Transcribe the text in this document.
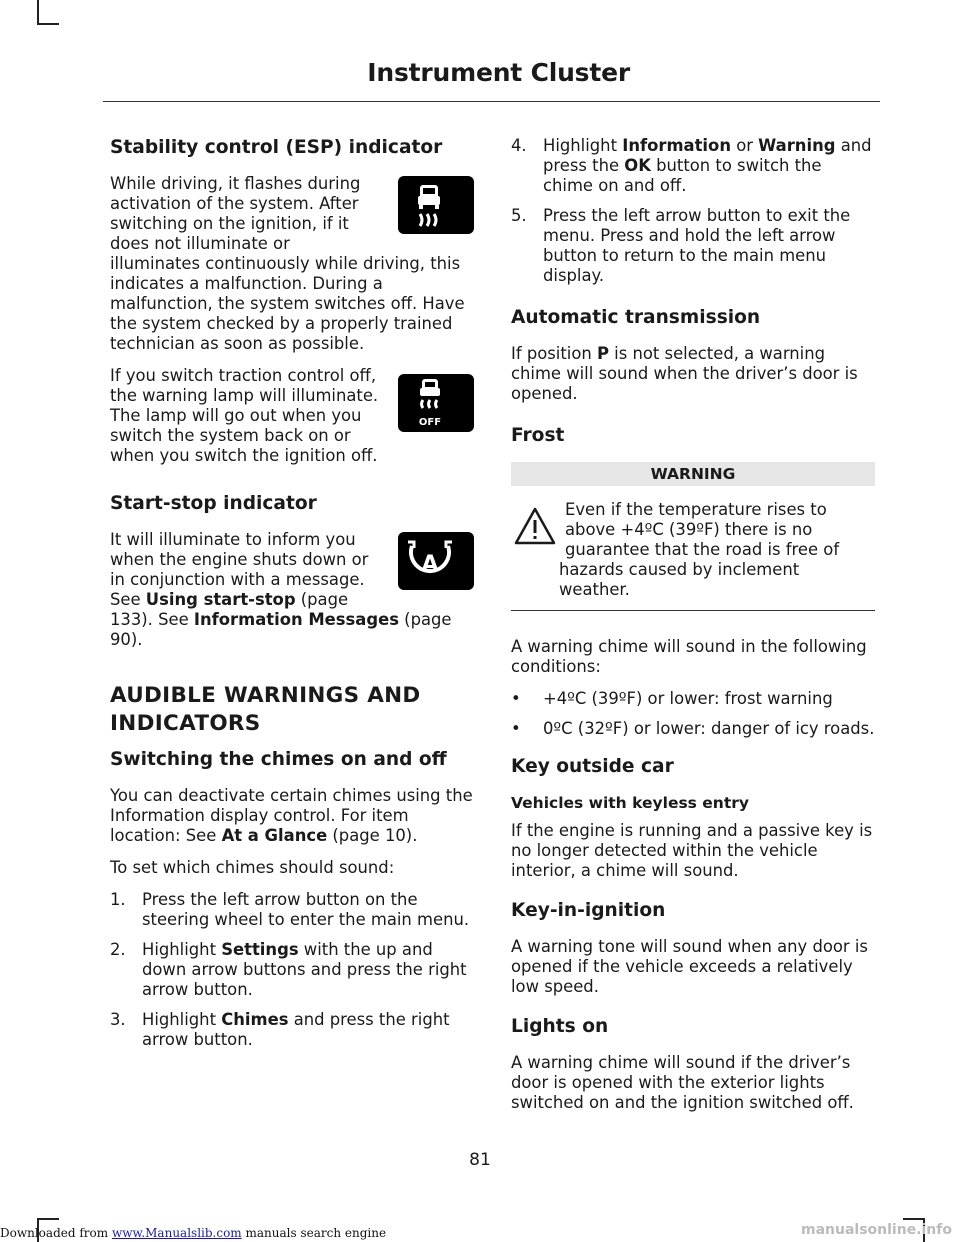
Instrument Cluster
Stability control (ESP) indicator

While driving, it flashes during activation of the system. After switching on the ignition, if it does not illuminate or illuminates continuously while driving, this indicates a malfunction. During a malfunction, the system switches off. Have the system checked by a properly trained technician as soon as possible.

OFF

If you switch traction control off, the warning lamp will illuminate. The lamp will go out when you switch the system back on or when you switch the ignition off.

Start-stop indicator
A

It will illuminate to inform you when the engine shuts down or in conjunction with a message. See Using start-stop (page 133). See Information Messages (page 90).

AUDIBLE WARNINGS AND
INDICATORS
Switching the chimes on and off

You can deactivate certain chimes using the Information display control. For item location: See At a Glance (page 10).

To set which chimes should sound:

1. Press the left arrow button on the steering wheel to enter the main menu.
2. Highlight Settings with the up and down arrow buttons and press the right arrow button.
3. Highlight Chimes and press the right arrow button.
4. Highlight Information or Warning and press the OK button to switch the chime on and off.
5. Press the left arrow button to exit the menu. Press and hold the left arrow button to return to the main menu display.
Automatic transmission

If position P is not selected, a warning chime will sound when the driver’s door is opened.

Frost
WARNING
Even if the temperature rises to above +4ºC (39ºF) there is no guarantee that the road is free of hazards caused by inclement weather.

A warning chime will sound in the following conditions:

• +4ºC (39ºF) or lower: frost warning
• 0ºC (32ºF) or lower: danger of icy roads.
Key outside car
Vehicles with keyless entry

If the engine is running and a passive key is no longer detected within the vehicle interior, a chime will sound.

Key-in-ignition

A warning tone will sound when any door is opened if the vehicle exceeds a relatively low speed.

Lights on

A warning chime will sound if the driver’s door is opened with the exterior lights switched on and the ignition switched off.

81
Downloaded from www.Manualslib.com manuals search engine	manualsonline.info
